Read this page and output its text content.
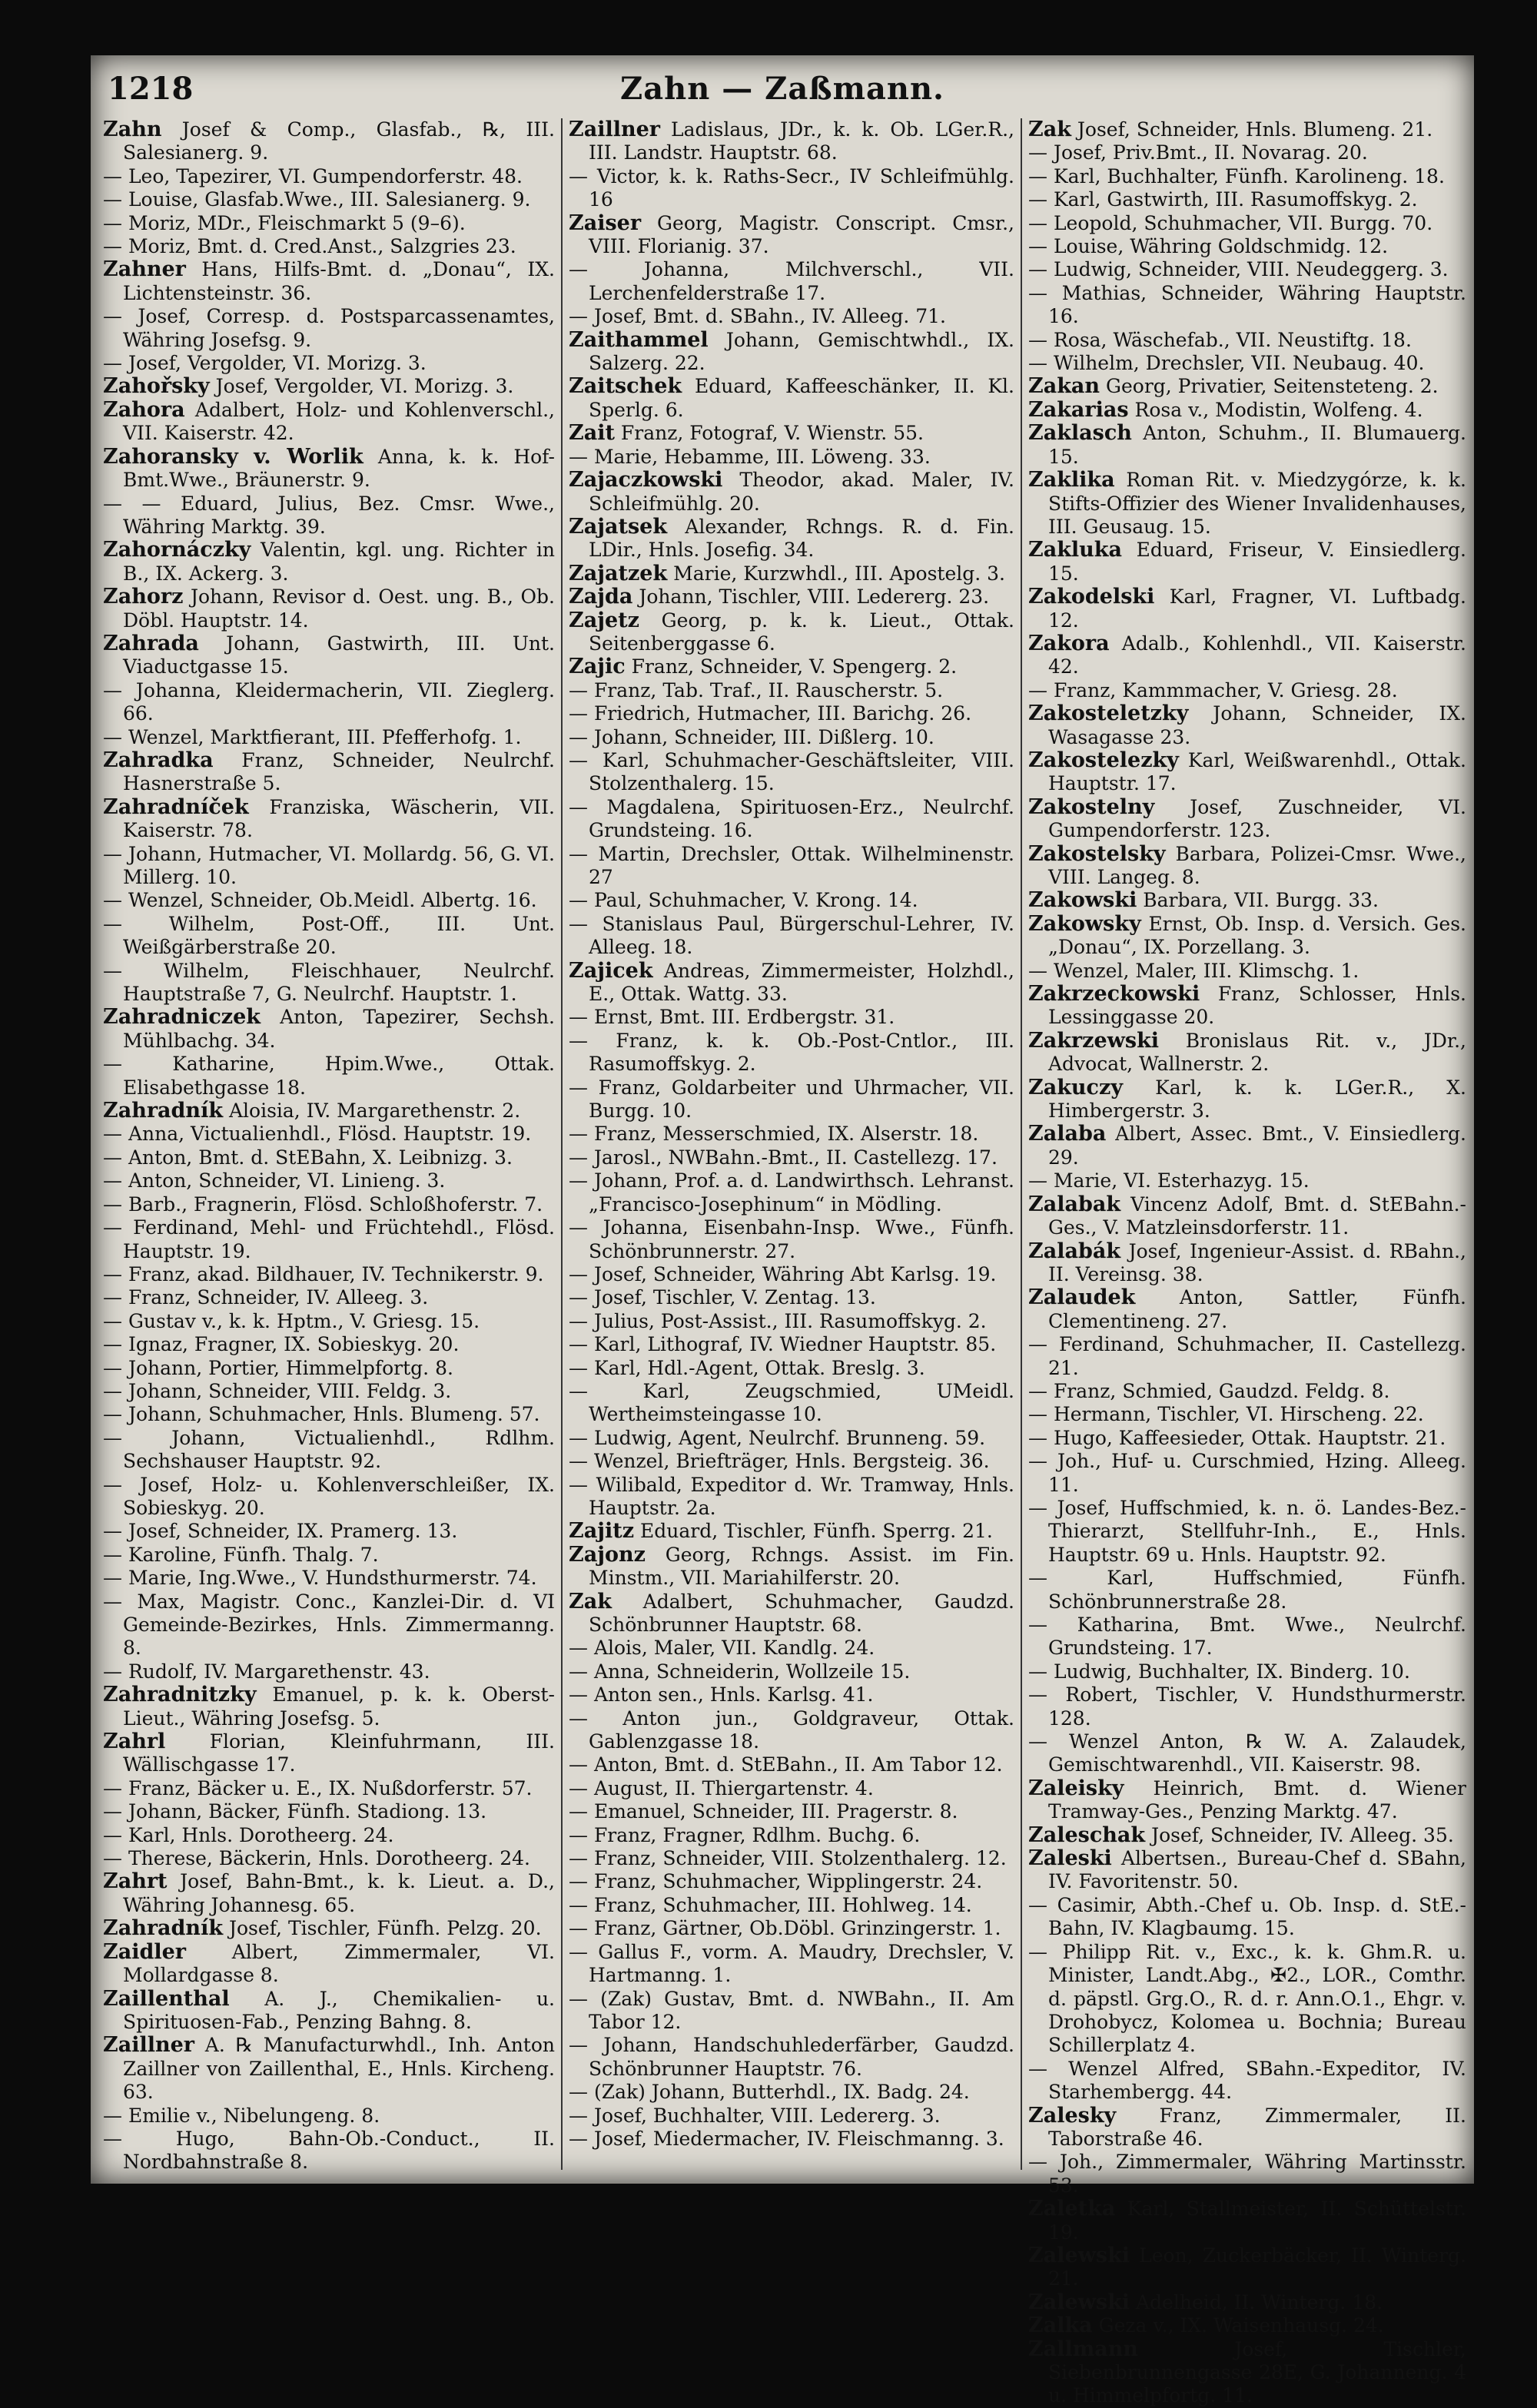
1218	Zahn — Zaßmann.

Zahn Josef & Comp., Glasfab., ℞, III. Salesianerg. 9.

— Leo, Tapezirer, VI. Gumpendorferstr. 48.

— Louise, Glasfab.Wwe., III. Salesianerg. 9.

— Moriz, MDr., Fleischmarkt 5 (9–6).

— Moriz, Bmt. d. Cred.Anst., Salzgries 23.

Zahner Hans, Hilfs-Bmt. d. „Donau“, IX. Lichtensteinstr. 36.

— Josef, Corresp. d. Postsparcassenamtes, Währing Josefsg. 9.

— Josef, Vergolder, VI. Morizg. 3.

Zahořsky Josef, Vergolder, VI. Morizg. 3.

Zahora Adalbert, Holz- und Kohlenverschl., VII. Kaiserstr. 42.

Zahoransky v. Worlik Anna, k. k. Hof-Bmt.Wwe., Bräunerstr. 9.

— — Eduard, Julius, Bez. Cmsr. Wwe., Währing Marktg. 39.

Zahornáczky Valentin, kgl. ung. Richter in B., IX. Ackerg. 3.

Zahorz Johann, Revisor d. Oest. ung. B., Ob. Döbl. Hauptstr. 14.

Zahrada Johann, Gastwirth, III. Unt. Viaductgasse 15.

— Johanna, Kleidermacherin, VII. Zieglerg. 66.

— Wenzel, Marktfierant, III. Pfefferhofg. 1.

Zahradka Franz, Schneider, Neulrchf. Hasnerstraße 5.

Zahradníček Franziska, Wäscherin, VII. Kaiserstr. 78.

— Johann, Hutmacher, VI. Mollardg. 56, G. VI. Millerg. 10.

— Wenzel, Schneider, Ob.Meidl. Albertg. 16.

— Wilhelm, Post-Off., III. Unt. Weißgärberstraße 20.

— Wilhelm, Fleischhauer, Neulrchf. Hauptstraße 7, G. Neulrchf. Hauptstr. 1.

Zahradniczek Anton, Tapezirer, Sechsh. Mühlbachg. 34.

— Katharine, Hpim.Wwe., Ottak. Elisabethgasse 18.

Zahradník Aloisia, IV. Margarethenstr. 2.

— Anna, Victualienhdl., Flösd. Hauptstr. 19.

— Anton, Bmt. d. StEBahn, X. Leibnizg. 3.

— Anton, Schneider, VI. Linieng. 3.

— Barb., Fragnerin, Flösd. Schloßhoferstr. 7.

— Ferdinand, Mehl- und Früchtehdl., Flösd. Hauptstr. 19.

— Franz, akad. Bildhauer, IV. Technikerstr. 9.

— Franz, Schneider, IV. Alleeg. 3.

— Gustav v., k. k. Hptm., V. Griesg. 15.

— Ignaz, Fragner, IX. Sobieskyg. 20.

— Johann, Portier, Himmelpfortg. 8.

— Johann, Schneider, VIII. Feldg. 3.

— Johann, Schuhmacher, Hnls. Blumeng. 57.

— Johann, Victualienhdl., Rdlhm. Sechshauser Hauptstr. 92.

— Josef, Holz- u. Kohlenverschleißer, IX. Sobieskyg. 20.

— Josef, Schneider, IX. Pramerg. 13.

— Karoline, Fünfh. Thalg. 7.

— Marie, Ing.Wwe., V. Hundsthurmerstr. 74.

— Max, Magistr. Conc., Kanzlei-Dir. d. VI Gemeinde-Bezirkes, Hnls. Zimmermanng. 8.

— Rudolf, IV. Margarethenstr. 43.

Zahradnitzky Emanuel, p. k. k. Oberst-Lieut., Währing Josefsg. 5.

Zahrl Florian, Kleinfuhrmann, III. Wällischgasse 17.

— Franz, Bäcker u. E., IX. Nußdorferstr. 57.

— Johann, Bäcker, Fünfh. Stadiong. 13.

— Karl, Hnls. Dorotheerg. 24.

— Therese, Bäckerin, Hnls. Dorotheerg. 24.

Zahrt Josef, Bahn-Bmt., k. k. Lieut. a. D., Währing Johannesg. 65.

Zahradník Josef, Tischler, Fünfh. Pelzg. 20.

Zaidler Albert, Zimmermaler, VI. Mollardgasse 8.

Zaillenthal A. J., Chemikalien- u. Spirituosen-Fab., Penzing Bahng. 8.

Zaillner A. ℞ Manufacturwhdl., Inh. Anton Zaillner von Zaillenthal, E., Hnls. Kircheng. 63.

— Emilie v., Nibelungeng. 8.

— Hugo, Bahn-Ob.-Conduct., II. Nordbahnstraße 8.

Zaillner Ladislaus, JDr., k. k. Ob. LGer.R., III. Landstr. Hauptstr. 68.

— Victor, k. k. Raths-Secr., IV Schleifmühlg. 16

Zaiser Georg, Magistr. Conscript. Cmsr., VIII. Florianig. 37.

— Johanna, Milchverschl., VII. Lerchenfelderstraße 17.

— Josef, Bmt. d. SBahn., IV. Alleeg. 71.

Zaithammel Johann, Gemischtwhdl., IX. Salzerg. 22.

Zaitschek Eduard, Kaffeeschänker, II. Kl. Sperlg. 6.

Zait Franz, Fotograf, V. Wienstr. 55.

— Marie, Hebamme, III. Löweng. 33.

Zajaczkowski Theodor, akad. Maler, IV. Schleifmühlg. 20.

Zajatsek Alexander, Rchngs. R. d. Fin. LDir., Hnls. Josefig. 34.

Zajatzek Marie, Kurzwhdl., III. Apostelg. 3.

Zajda Johann, Tischler, VIII. Ledererg. 23.

Zajetz Georg, p. k. k. Lieut., Ottak. Seitenberggasse 6.

Zajic Franz, Schneider, V. Spengerg. 2.

— Franz, Tab. Traf., II. Rauscherstr. 5.

— Friedrich, Hutmacher, III. Barichg. 26.

— Johann, Schneider, III. Dißlerg. 10.

— Karl, Schuhmacher-Geschäftsleiter, VIII. Stolzenthalerg. 15.

— Magdalena, Spirituosen-Erz., Neulrchf. Grundsteing. 16.

— Martin, Drechsler, Ottak. Wilhelminenstr. 27

— Paul, Schuhmacher, V. Krong. 14.

— Stanislaus Paul, Bürgerschul-Lehrer, IV. Alleeg. 18.

Zajicek Andreas, Zimmermeister, Holzhdl., E., Ottak. Wattg. 33.

— Ernst, Bmt. III. Erdbergstr. 31.

— Franz, k. k. Ob.-Post-Cntlor., III. Rasumoffskyg. 2.

— Franz, Goldarbeiter und Uhrmacher, VII. Burgg. 10.

— Franz, Messerschmied, IX. Alserstr. 18.

— Jarosl., NWBahn.-Bmt., II. Castellezg. 17.

— Johann, Prof. a. d. Landwirthsch. Lehranst. „Francisco-Josephinum“ in Mödling.

— Johanna, Eisenbahn-Insp. Wwe., Fünfh. Schönbrunnerstr. 27.

— Josef, Schneider, Währing Abt Karlsg. 19.

— Josef, Tischler, V. Zentag. 13.

— Julius, Post-Assist., III. Rasumoffskyg. 2.

— Karl, Lithograf, IV. Wiedner Hauptstr. 85.

— Karl, Hdl.-Agent, Ottak. Breslg. 3.

— Karl, Zeugschmied, UMeidl. Wertheimsteingasse 10.

— Ludwig, Agent, Neulrchf. Brunneng. 59.

— Wenzel, Briefträger, Hnls. Bergsteig. 36.

— Wilibald, Expeditor d. Wr. Tramway, Hnls. Hauptstr. 2a.

Zajitz Eduard, Tischler, Fünfh. Sperrg. 21.

Zajonz Georg, Rchngs. Assist. im Fin. Minstm., VII. Mariahilferstr. 20.

Zak Adalbert, Schuhmacher, Gaudzd. Schönbrunner Hauptstr. 68.

— Alois, Maler, VII. Kandlg. 24.

— Anna, Schneiderin, Wollzeile 15.

— Anton sen., Hnls. Karlsg. 41.

— Anton jun., Goldgraveur, Ottak. Gablenzgasse 18.

— Anton, Bmt. d. StEBahn., II. Am Tabor 12.

— August, II. Thiergartenstr. 4.

— Emanuel, Schneider, III. Pragerstr. 8.

— Franz, Fragner, Rdlhm. Buchg. 6.

— Franz, Schneider, VIII. Stolzenthalerg. 12.

— Franz, Schuhmacher, Wipplingerstr. 24.

— Franz, Schuhmacher, III. Hohlweg. 14.

— Franz, Gärtner, Ob.Döbl. Grinzingerstr. 1.

— Gallus F., vorm. A. Maudry, Drechsler, V. Hartmanng. 1.

— (Zak) Gustav, Bmt. d. NWBahn., II. Am Tabor 12.

— Johann, Handschuhlederfärber, Gaudzd. Schönbrunner Hauptstr. 76.

— (Zak) Johann, Butterhdl., IX. Badg. 24.

— Josef, Buchhalter, VIII. Ledererg. 3.

— Josef, Miedermacher, IV. Fleischmanng. 3.

Zak Josef, Schneider, Hnls. Blumeng. 21.

— Josef, Priv.Bmt., II. Novarag. 20.

— Karl, Buchhalter, Fünfh. Karolineng. 18.

— Karl, Gastwirth, III. Rasumoffskyg. 2.

— Leopold, Schuhmacher, VII. Burgg. 70.

— Louise, Währing Goldschmidg. 12.

— Ludwig, Schneider, VIII. Neudeggerg. 3.

— Mathias, Schneider, Währing Hauptstr. 16.

— Rosa, Wäschefab., VII. Neustiftg. 18.

— Wilhelm, Drechsler, VII. Neubaug. 40.

Zakan Georg, Privatier, Seitensteteng. 2.

Zakarias Rosa v., Modistin, Wolfeng. 4.

Zaklasch Anton, Schuhm., II. Blumauerg. 15.

Zaklika Roman Rit. v. Miedzygórze, k. k. Stifts-Offizier des Wiener Invalidenhauses, III. Geusaug. 15.

Zakluka Eduard, Friseur, V. Einsiedlerg. 15.

Zakodelski Karl, Fragner, VI. Luftbadg. 12.

Zakora Adalb., Kohlenhdl., VII. Kaiserstr. 42.

— Franz, Kammmacher, V. Griesg. 28.

Zakosteletzky Johann, Schneider, IX. Wasagasse 23.

Zakostelezky Karl, Weißwarenhdl., Ottak. Hauptstr. 17.

Zakostelny Josef, Zuschneider, VI. Gumpendorferstr. 123.

Zakostelsky Barbara, Polizei-Cmsr. Wwe., VIII. Langeg. 8.

Zakowski Barbara, VII. Burgg. 33.

Zakowsky Ernst, Ob. Insp. d. Versich. Ges. „Donau“, IX. Porzellang. 3.

— Wenzel, Maler, III. Klimschg. 1.

Zakrzeckowski Franz, Schlosser, Hnls. Lessinggasse 20.

Zakrzewski Bronislaus Rit. v., JDr., Advocat, Wallnerstr. 2.

Zakuczy Karl, k. k. LGer.R., X. Himbergerstr. 3.

Zalaba Albert, Assec. Bmt., V. Einsiedlerg. 29.

— Marie, VI. Esterhazyg. 15.

Zalabak Vincenz Adolf, Bmt. d. StEBahn.-Ges., V. Matzleinsdorferstr. 11.

Zalabák Josef, Ingenieur-Assist. d. RBahn., II. Vereinsg. 38.

Zalaudek Anton, Sattler, Fünfh. Clementineng. 27.

— Ferdinand, Schuhmacher, II. Castellezg. 21.

— Franz, Schmied, Gaudzd. Feldg. 8.

— Hermann, Tischler, VI. Hirscheng. 22.

— Hugo, Kaffeesieder, Ottak. Hauptstr. 21.

— Joh., Huf- u. Curschmied, Hzing. Alleeg. 11.

— Josef, Huffschmied, k. n. ö. Landes-Bez.-Thierarzt, Stellfuhr-Inh., E., Hnls. Hauptstr. 69 u. Hnls. Hauptstr. 92.

— Karl, Huffschmied, Fünfh. Schönbrunnerstraße 28.

— Katharina, Bmt. Wwe., Neulrchf. Grundsteing. 17.

— Ludwig, Buchhalter, IX. Binderg. 10.

— Robert, Tischler, V. Hundsthurmerstr. 128.

— Wenzel Anton, ℞ W. A. Zalaudek, Gemischtwarenhdl., VII. Kaiserstr. 98.

Zaleisky Heinrich, Bmt. d. Wiener Tramway-Ges., Penzing Marktg. 47.

Zaleschak Josef, Schneider, IV. Alleeg. 35.

Zaleski Albertsen., Bureau-Chef d. SBahn, IV. Favoritenstr. 50.

— Casimir, Abth.-Chef u. Ob. Insp. d. StE.-Bahn, IV. Klagbaumg. 15.

— Philipp Rit. v., Exc., k. k. Ghm.R. u. Minister, Landt.Abg., ✠2., LOR., Comthr. d. päpstl. Grg.O., R. d. r. Ann.O.1., Ehgr. v. Drohobycz, Kolomea u. Bochnia; Bureau Schillerplatz 4.

— Wenzel Alfred, SBahn.-Expeditor, IV. Starhembergg. 44.

Zalesky Franz, Zimmermaler, II. Taborstraße 46.

— Joh., Zimmermaler, Währing Martinsstr. 53.

Zaletka Karl, Stallmeister, II. Schüttelstr. 19.

Zalewski Leon, Zuckerbäcker, II. Winterg. 21.

Zalewski Adelheid, II. Winterg. 18.

Zalka Geza v., IX. Waisenhausg. 24.

Zallmann	Josef, Tischler, Siebenbrunnengasse 28E, G. Johanneng. 4 u. Himmelpfortg. 11.
